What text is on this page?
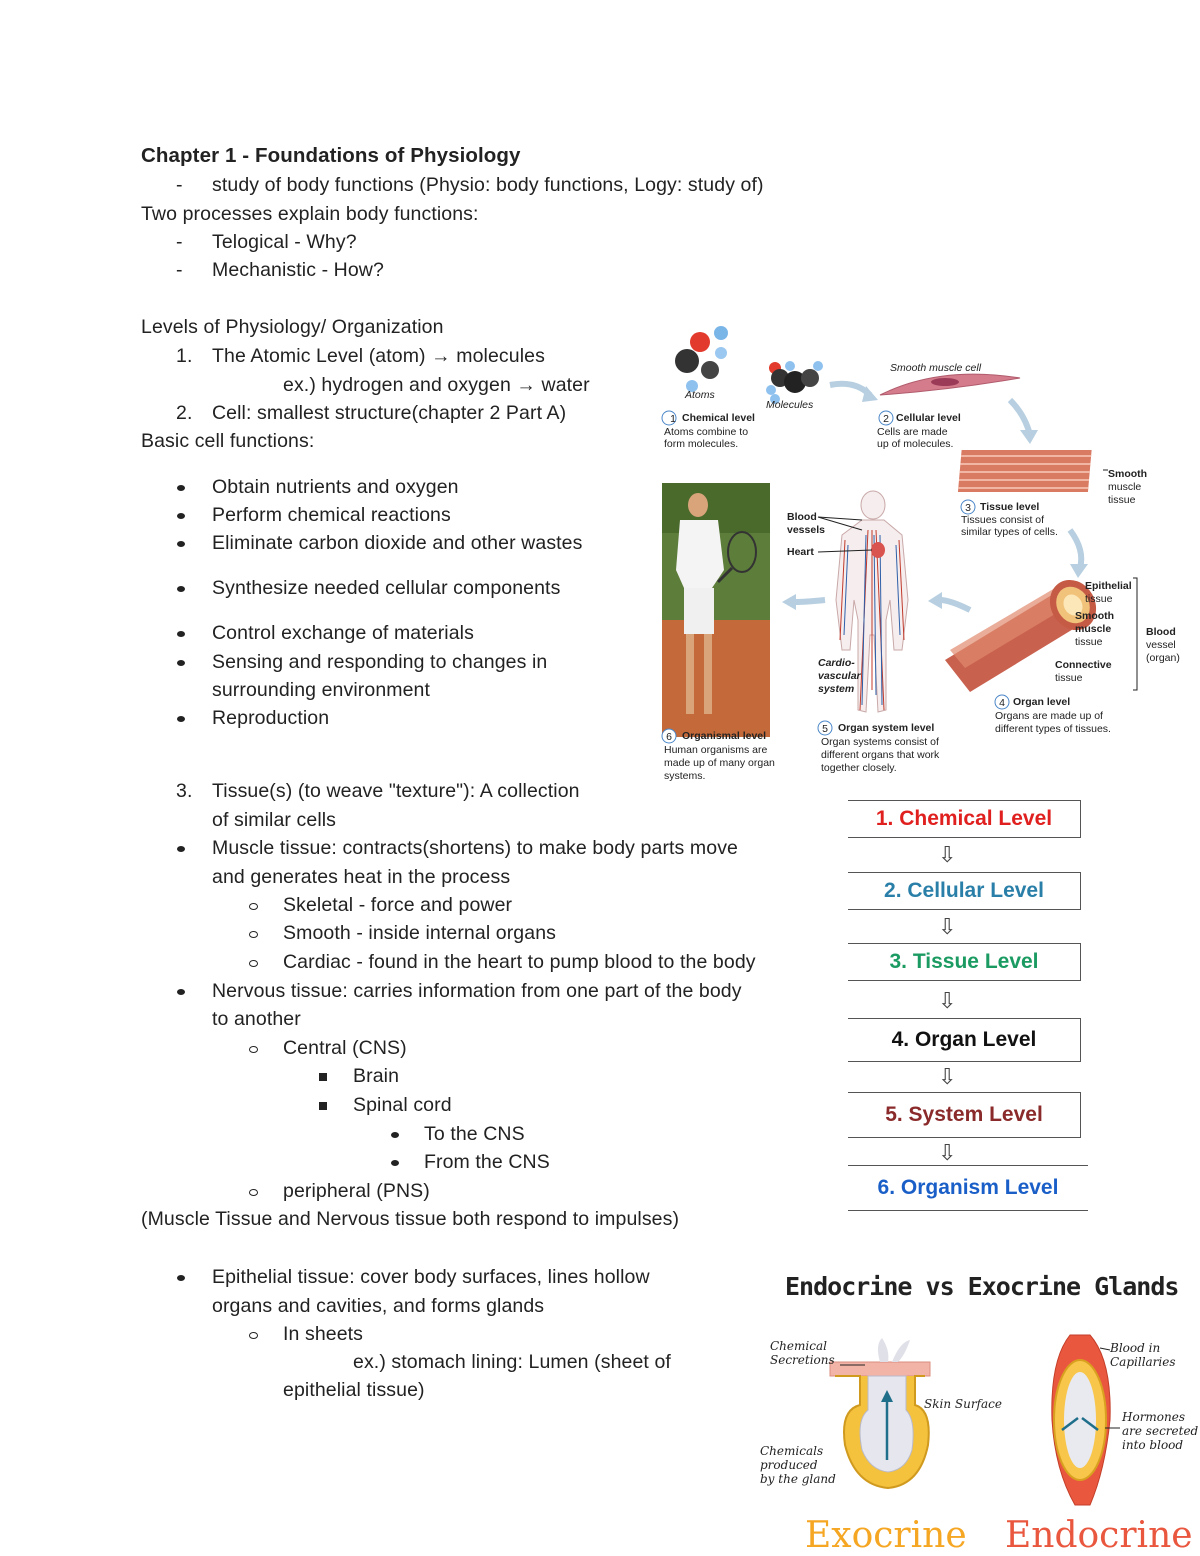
Chapter 1 - Foundations of Physiology
- study of body functions (Physio: body functions, Logy: study of)
Two processes explain body functions:
- Telogical - Why?
- Mechanistic - How?
Levels of Physiology/ Organization
1. The Atomic Level (atom) → molecules
ex.) hydrogen and oxygen → water
2. Cell: smallest structure(chapter 2 Part A)
Basic cell functions:
Obtain nutrients and oxygen
Perform chemical reactions
Eliminate carbon dioxide and other wastes
Synthesize needed cellular components
Control exchange of materials
Sensing and responding to changes in
surrounding environment
Reproduction
3. Tissue(s) (to weave "texture"): A collection
of similar cells
Muscle tissue: contracts(shortens) to make body parts move
and generates heat in the process
Skeletal - force and power
Smooth - inside internal organs
Cardiac - found in the heart to pump blood to the body
Nervous tissue: carries information from one part of the body
to another
Central (CNS)
Brain
Spinal cord
To the CNS
From the CNS
peripheral (PNS)
(Muscle Tissue and Nervous tissue both respond to impulses)
Epithelial tissue: cover body surfaces, lines hollow
organs and cavities, and forms glands
In sheets
ex.) stomach lining: Lumen (sheet of
epithelial tissue)
Atoms
Molecules
Smooth muscle cell
1 Chemical level
Atoms combine to
form molecules.
2 Cellular level
Cells are made
up of molecules.
3 Tissue level
Tissues consist of
similar types of cells.
Smooth
muscle
tissue
Blood
vessels
Heart
Cardio-
vascular
system
Epithelial
tissue
Smooth
muscle
tissue
Connective
tissue
Blood
vessel
(organ)
4 Organ level
Organs are made up of
different types of tissues.
5 Organ system level
Organ systems consist of
different organs that work
together closely.
6 Organismal level
Human organisms are
made up of many organ
systems.
1. Chemical Level
⇩
2. Cellular Level
⇩
3. Tissue Level
⇩
4. Organ Level
⇩
5. System Level
⇩
6. Organism Level
Endocrine vs Exocrine Glands
Chemical
Secretions
Skin Surface
Chemicals
produced
by the gland
Blood in
Capillaries
Hormones
are secreted
into blood
Exocrine Endocrine
